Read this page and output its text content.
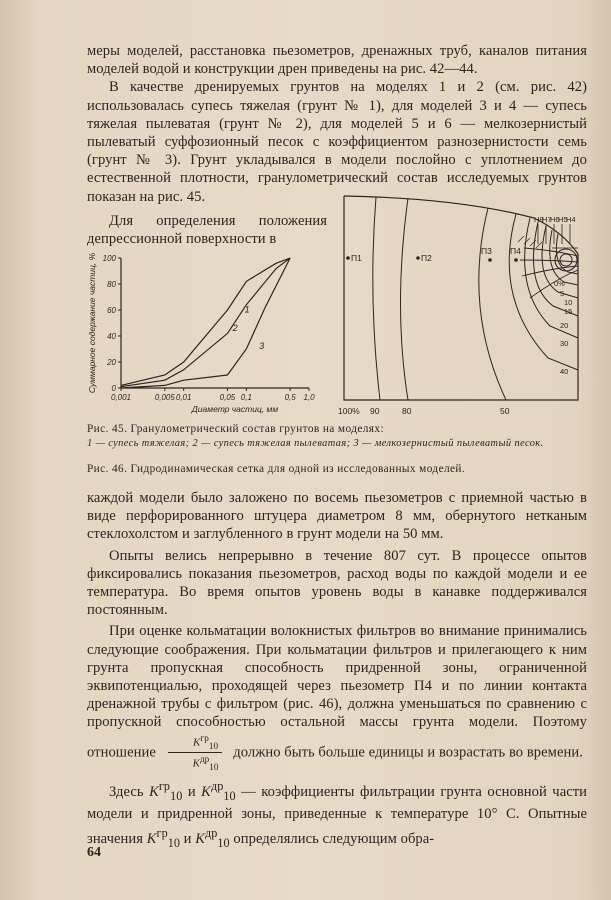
меры моделей, расстановка пьезометров, дренажных труб, каналов питания моделей водой и конструкции дрен приведены на рис. 42—44.

В качестве дренируемых грунтов на моделях 1 и 2 (см. рис. 42) использовалась супесь тяжелая (грунт № 1), для моделей 3 и 4 — супесь тяжелая пылеватая (грунт № 2), для моделей 5 и 6 — мелкозернистый пылеватый суффозионный песок с коэффициентом разнозернистости семь (грунт № 3). Грунт укладывался в модели послойно с уплотнением до естественной плотности, гранулометрический состав исследуемых грунтов показан на рис. 45.

Для определения положения депрессионной поверхности в
0
20
40
60
80
100
0,001	0,005 0,01	0,05 0,1	0,5 1,0
Диаметр частиц, мм
Суммарное содержание частиц, %	1
2
3
П1	П2
П3 П4
H8
H7
H6
H5
H4
100% 90	80	50
0%
5
10
15
20
30
40
Рис. 45. Гранулометрический состав грунтов на моделях:
1 — супесь тяжелая; 2 — супесь тяжелая пылеватая; 3 — мелкозернистый пылеватый песок.
Рис. 46. Гидродинамическая сетка для одной из исследованных моделей.

каждой модели было заложено по восемь пьезометров с приемной частью в виде перфорированного штуцера диаметром 8 мм, обернутого нетканым стеклохолстом и заглубленного в грунт модели на 50 мм.

Опыты велись непрерывно в течение 807 сут. В процессе опытов фиксировались показания пьезометров, расход воды по каждой модели и ее температура. Во время опытов уровень воды в канавке поддерживался постоянным.

При оценке кольматации волокнистых фильтров во внимание принимались следующие соображения. При кольматации фильтров и прилегающего к ним грунта пропускная способность придренной зоны, ограниченной эквипотенциалью, проходящей через пьезометр П4 и по линии контакта дренажной трубы с фильтром (рис. 46), должна уменьшаться по сравнению с пропускной способностью остальной массы грунта модели. Поэтому отношение $\frac{K^{гр}_{10}}{K^{др}_{10}}$ должно быть больше единицы и возрастать во времени.

Здесь $K^{гр}_{10}$ и $K^{др}_{10}$ — коэффициенты фильтрации грунта основной части модели и придренной зоны, приведенные к температуре 10° С. Опытные значения $K^{гр}_{10}$ и $K^{др}_{10}$ определялись следующим обра-

64
